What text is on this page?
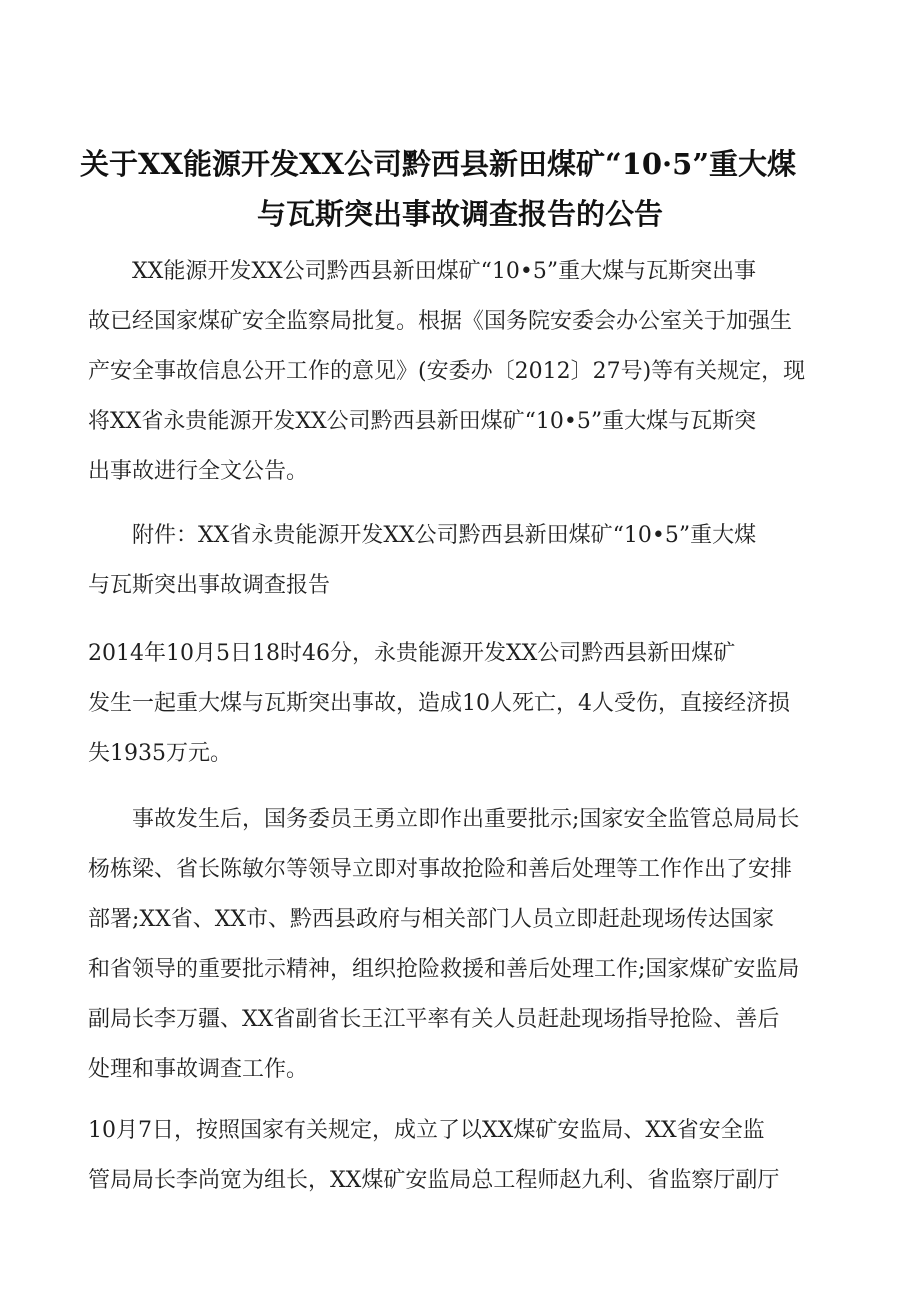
关于XX能源开发XX公司黔西县新田煤矿“10·5”重大煤
与瓦斯突出事故调查报告的公告

XX能源开发XX公司黔西县新田煤矿“10•5”重大煤与瓦斯突出事
故已经国家煤矿安全监察局批复。根据《国务院安委会办公室关于加强生
产安全事故信息公开工作的意见》(安委办〔2012〕27号)等有关规定，现
将XX省永贵能源开发XX公司黔西县新田煤矿“10•5”重大煤与瓦斯突
出事故进行全文公告。

附件：XX省永贵能源开发XX公司黔西县新田煤矿“10•5”重大煤
与瓦斯突出事故调查报告

2014年10月5日18时46分，永贵能源开发XX公司黔西县新田煤矿
发生一起重大煤与瓦斯突出事故，造成10人死亡，4人受伤，直接经济损
失1935万元。

事故发生后，国务委员王勇立即作出重要批示;国家安全监管总局局长
杨栋梁、省长陈敏尔等领导立即对事故抢险和善后处理等工作作出了安排
部署;XX省、XX市、黔西县政府与相关部门人员立即赶赴现场传达国家
和省领导的重要批示精神，组织抢险救援和善后处理工作;国家煤矿安监局
副局长李万疆、XX省副省长王江平率有关人员赶赴现场指导抢险、善后
处理和事故调查工作。

10月7日，按照国家有关规定，成立了以XX煤矿安监局、XX省安全监
管局局长李尚宽为组长，XX煤矿安监局总工程师赵九利、省监察厅副厅
